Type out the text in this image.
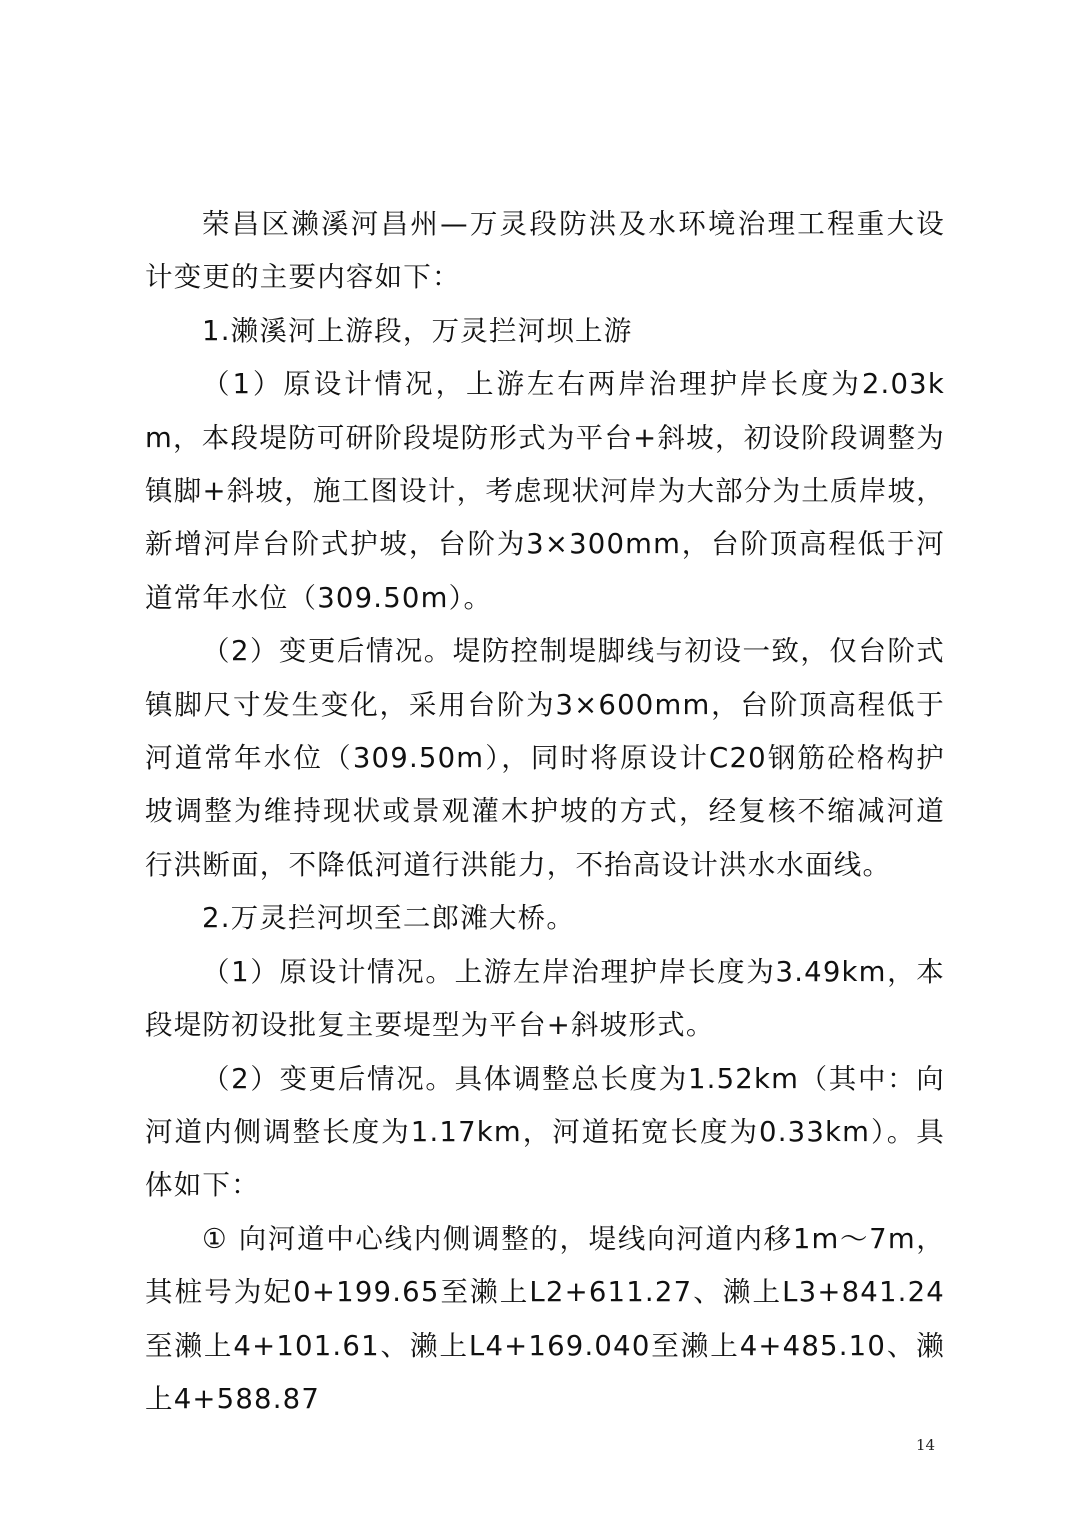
荣昌区濑溪河昌州—万灵段防洪及水环境治理工程重大设计变更的主要内容如下：

1.濑溪河上游段，万灵拦河坝上游

（1）原设计情况，上游左右两岸治理护岸长度为2.03km，本段堤防可研阶段堤防形式为平台+斜坡，初设阶段调整为镇脚+斜坡，施工图设计，考虑现状河岸为大部分为土质岸坡，新增河岸台阶式护坡，台阶为3×300mm，台阶顶高程低于河道常年水位（309.50m）。

（2）变更后情况。堤防控制堤脚线与初设一致，仅台阶式镇脚尺寸发生变化，采用台阶为3×600mm，台阶顶高程低于河道常年水位（309.50m），同时将原设计C20钢筋砼格构护坡调整为维持现状或景观灌木护坡的方式，经复核不缩减河道行洪断面，不降低河道行洪能力，不抬高设计洪水水面线。

2.万灵拦河坝至二郎滩大桥。

（1）原设计情况。上游左岸治理护岸长度为3.49km，本段堤防初设批复主要堤型为平台+斜坡形式。

（2）变更后情况。具体调整总长度为1.52km（其中：向河道内侧调整长度为1.17km，河道拓宽长度为0.33km）。具体如下：

① 向河道中心线内侧调整的，堤线向河道内移1m～7m，其桩号为妃0+199.65至濑上L2+611.27、濑上L3+841.24至濑上4+101.61、濑上L4+169.040至濑上4+485.10、濑上4+588.87

14
